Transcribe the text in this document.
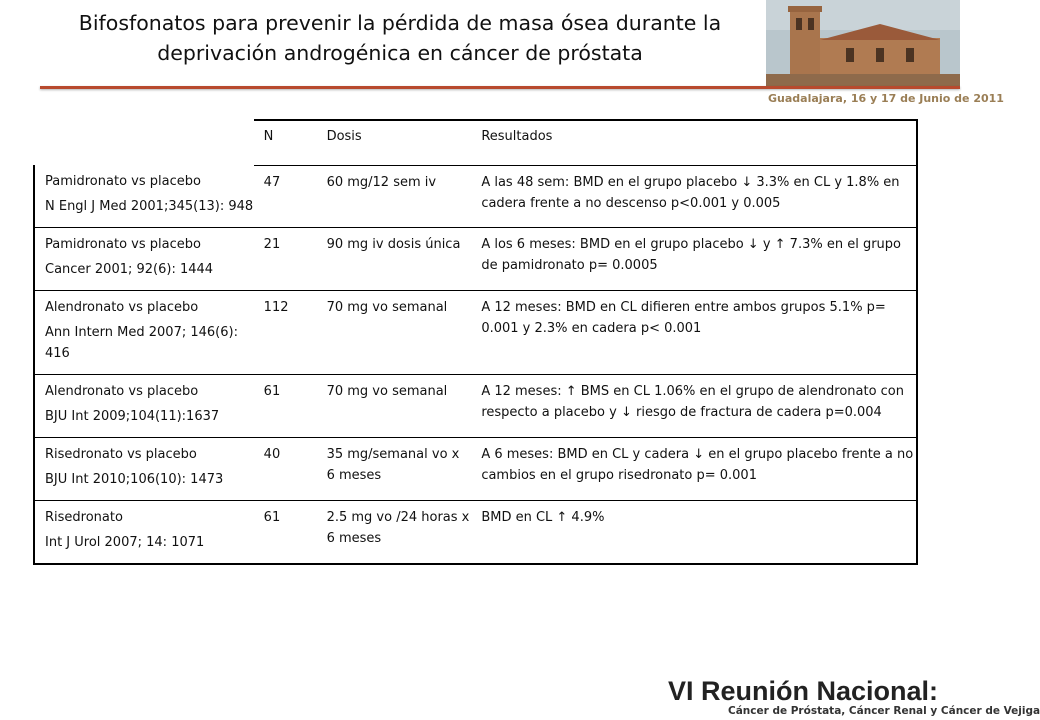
Bifosfonatos para prevenir la pérdida de masa ósea durante la
deprivación androgénica en cáncer de próstata
Guadalajara, 16 y 17 de Junio de 2011
	N	Dosis	Resultados

Pamidronato vs placebo

N Engl J Med 2001;345(13): 948	47	60 mg/12 sem iv	A las 48 sem: BMD en el grupo placebo ↓ 3.3% en CL y 1.8% en cadera frente a no descenso p<0.001 y 0.005

Pamidronato vs placebo

Cancer 2001; 92(6): 1444	21	90 mg iv dosis única	A los 6 meses: BMD en el grupo placebo ↓ y ↑ 7.3% en el grupo de pamidronato p= 0.0005

Alendronato vs placebo

Ann Intern Med 2007; 146(6): 416	112	70 mg vo semanal	A 12 meses: BMD en CL difieren entre ambos grupos 5.1% p= 0.001 y 2.3% en cadera p< 0.001

Alendronato vs placebo

BJU Int 2009;104(11):1637	61	70 mg vo semanal	A 12 meses: ↑ BMS en CL 1.06% en el grupo de alendronato con respecto a placebo y ↓ riesgo de fractura de cadera p=0.004

Risedronato vs placebo

BJU Int 2010;106(10): 1473	40	35 mg/semanal vo x 6 meses	A 6 meses: BMD en CL y cadera ↓ en el grupo placebo frente a no cambios en el grupo risedronato p= 0.001

Risedronato

Int J Urol 2007; 14: 1071	61	2.5 mg vo /24 horas x 6 meses	BMD en CL ↑ 4.9%
VI Reunión Nacional:
Cáncer de Próstata, Cáncer Renal y Cáncer de Vejiga
